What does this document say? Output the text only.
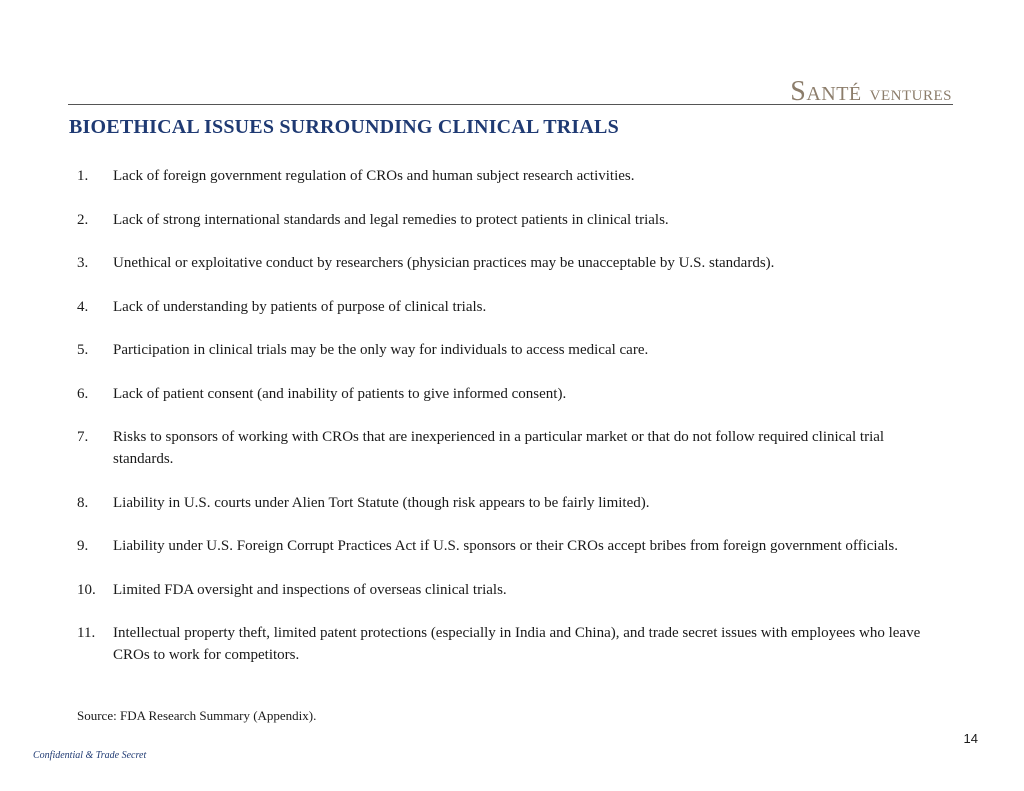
Santé ventures
BIOETHICAL ISSUES SURROUNDING CLINICAL TRIALS
1.	Lack of foreign government regulation of CROs and human subject research activities.
2.	Lack of strong international standards and legal remedies to protect patients in clinical trials.
3.	Unethical or exploitative conduct by researchers (physician practices may be unacceptable by U.S. standards).
4.	Lack of understanding by patients of purpose of clinical trials.
5.	Participation in clinical trials may be the only way for individuals to access medical care.
6.	Lack of patient consent (and inability of patients to give informed consent).
7.	Risks to sponsors of working with CROs that are inexperienced in a particular market or that do not follow required clinical trial standards.
8.	Liability in U.S. courts under Alien Tort Statute (though risk appears to be fairly limited).
9.	Liability under U.S. Foreign Corrupt Practices Act if U.S. sponsors or their CROs accept bribes from foreign government officials.
10.	Limited FDA oversight and inspections of overseas clinical trials.
11.	Intellectual property theft, limited patent protections (especially in India and China), and trade secret issues with employees who leave CROs to work for competitors.
Source: FDA Research Summary (Appendix).
14
Confidential & Trade Secret
